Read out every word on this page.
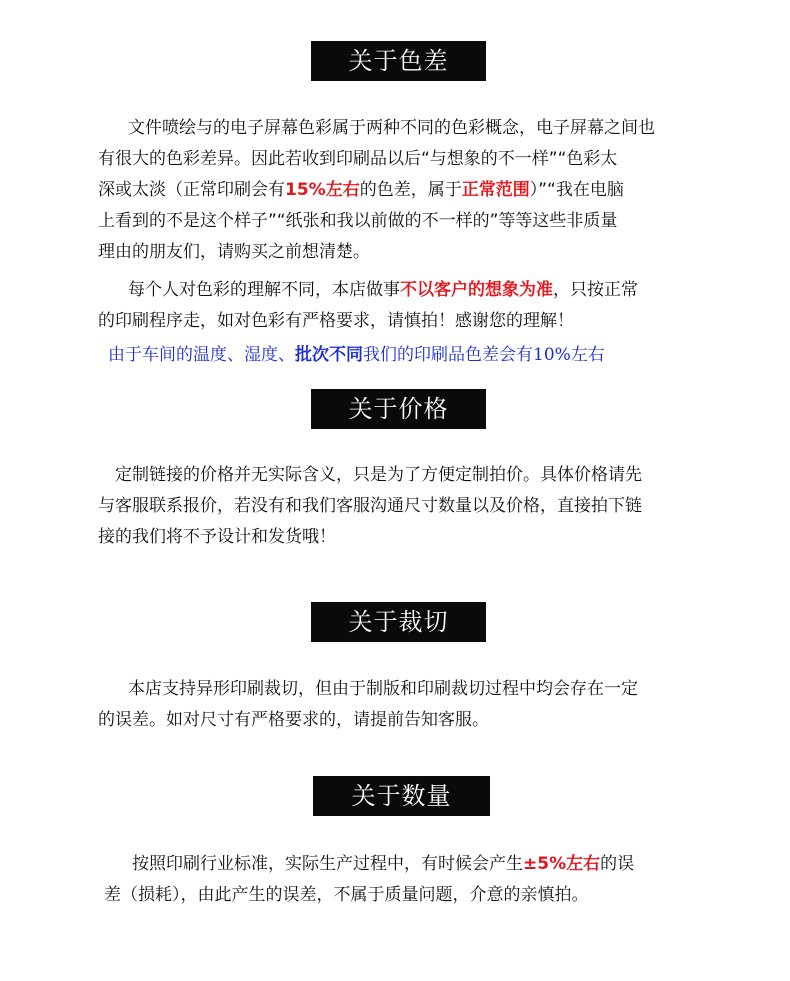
关于色差
文件喷绘与的电子屏幕色彩属于两种不同的色彩概念，电子屏幕之间也
有很大的色彩差异。因此若收到印刷品以后“与想象的不一样”“色彩太
深或太淡（正常印刷会有15%左右的色差，属于正常范围）”“我在电脑
上看到的不是这个样子”“纸张和我以前做的不一样的”等等这些非质量
理由的朋友们，请购买之前想清楚。
每个人对色彩的理解不同，本店做事不以客户的想象为准，只按正常
的印刷程序走，如对色彩有严格要求，请慎拍！感谢您的理解！
由于车间的温度、湿度、批次不同我们的印刷品色差会有10%左右
关于价格
定制链接的价格并无实际含义，只是为了方便定制拍价。具体价格请先
与客服联系报价，若没有和我们客服沟通尺寸数量以及价格，直接拍下链
接的我们将不予设计和发货哦！
关于裁切
本店支持异形印刷裁切，但由于制版和印刷裁切过程中均会存在一定
的误差。如对尺寸有严格要求的，请提前告知客服。
关于数量
按照印刷行业标准，实际生产过程中，有时候会产生±5%左右的误
差（损耗），由此产生的误差，不属于质量问题，介意的亲慎拍。
